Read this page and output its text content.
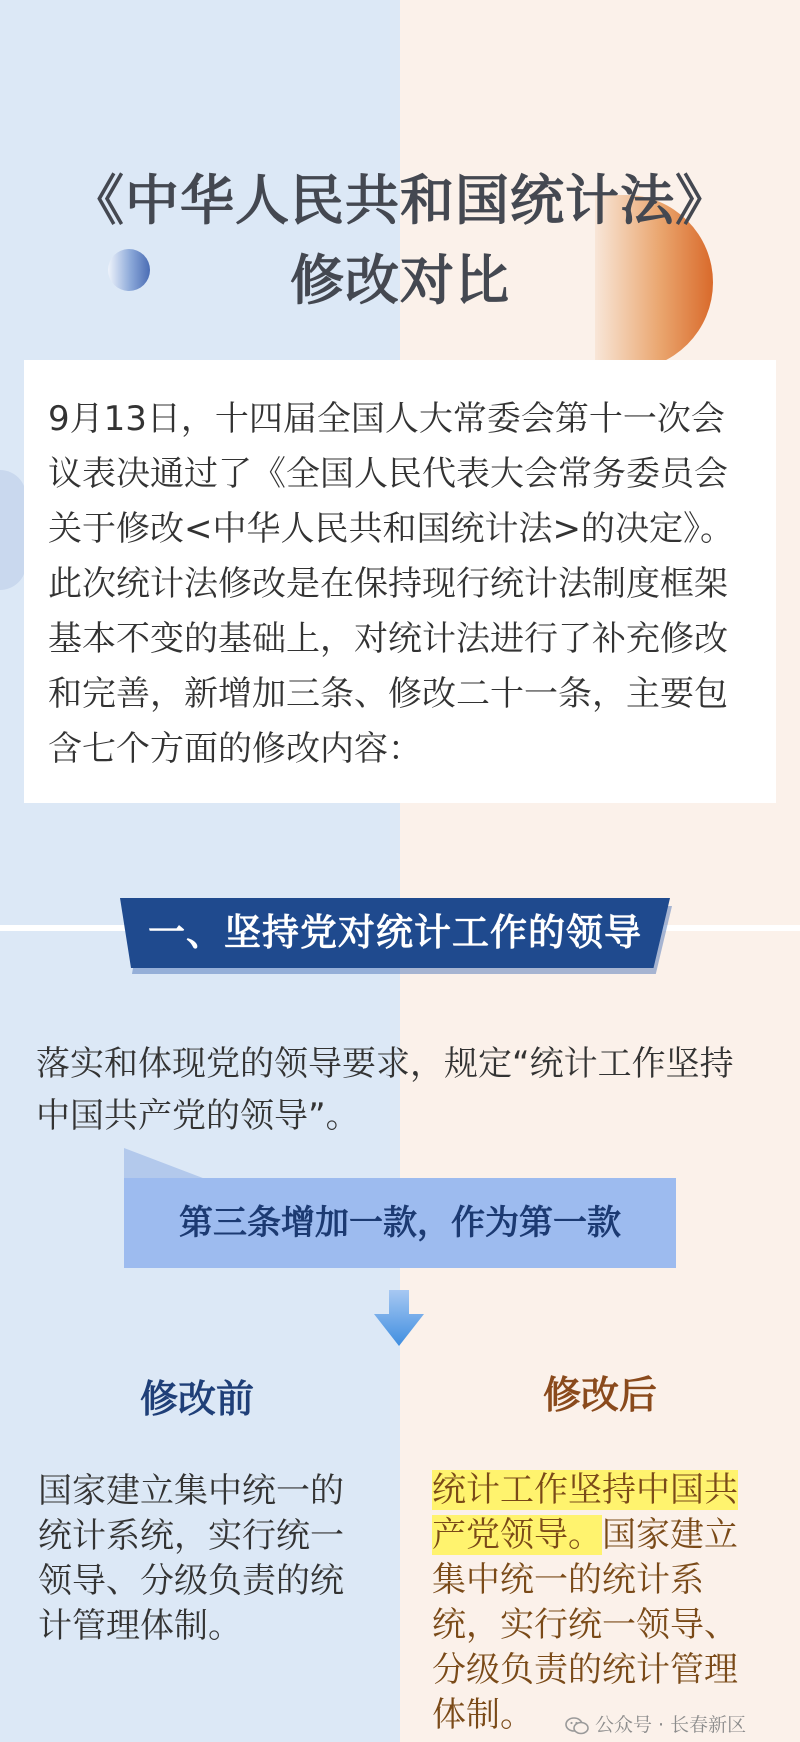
《中华人民共和国统计法》
修改对比

9月13日，十四届全国人大常委会第十一次会议表决通过了《全国人民代表大会常务委员会关于修改<中华人民共和国统计法>的决定》。此次统计法修改是在保持现行统计法制度框架基本不变的基础上，对统计法进行了补充修改和完善，新增加三条、修改二十一条，主要包含七个方面的修改内容：

一、坚持党对统计工作的领导

落实和体现党的领导要求，规定“统计工作坚持中国共产党的领导”。

第三条增加一款，作为第一款
修改前	修改后

国家建立集中统一的统计系统，实行统一领导、分级负责的统计管理体制。

统计工作坚持中国共产党领导。国家建立集中统一的统计系统，实行统一领导、分级负责的统计管理体制。	公众号 · 长春新区
